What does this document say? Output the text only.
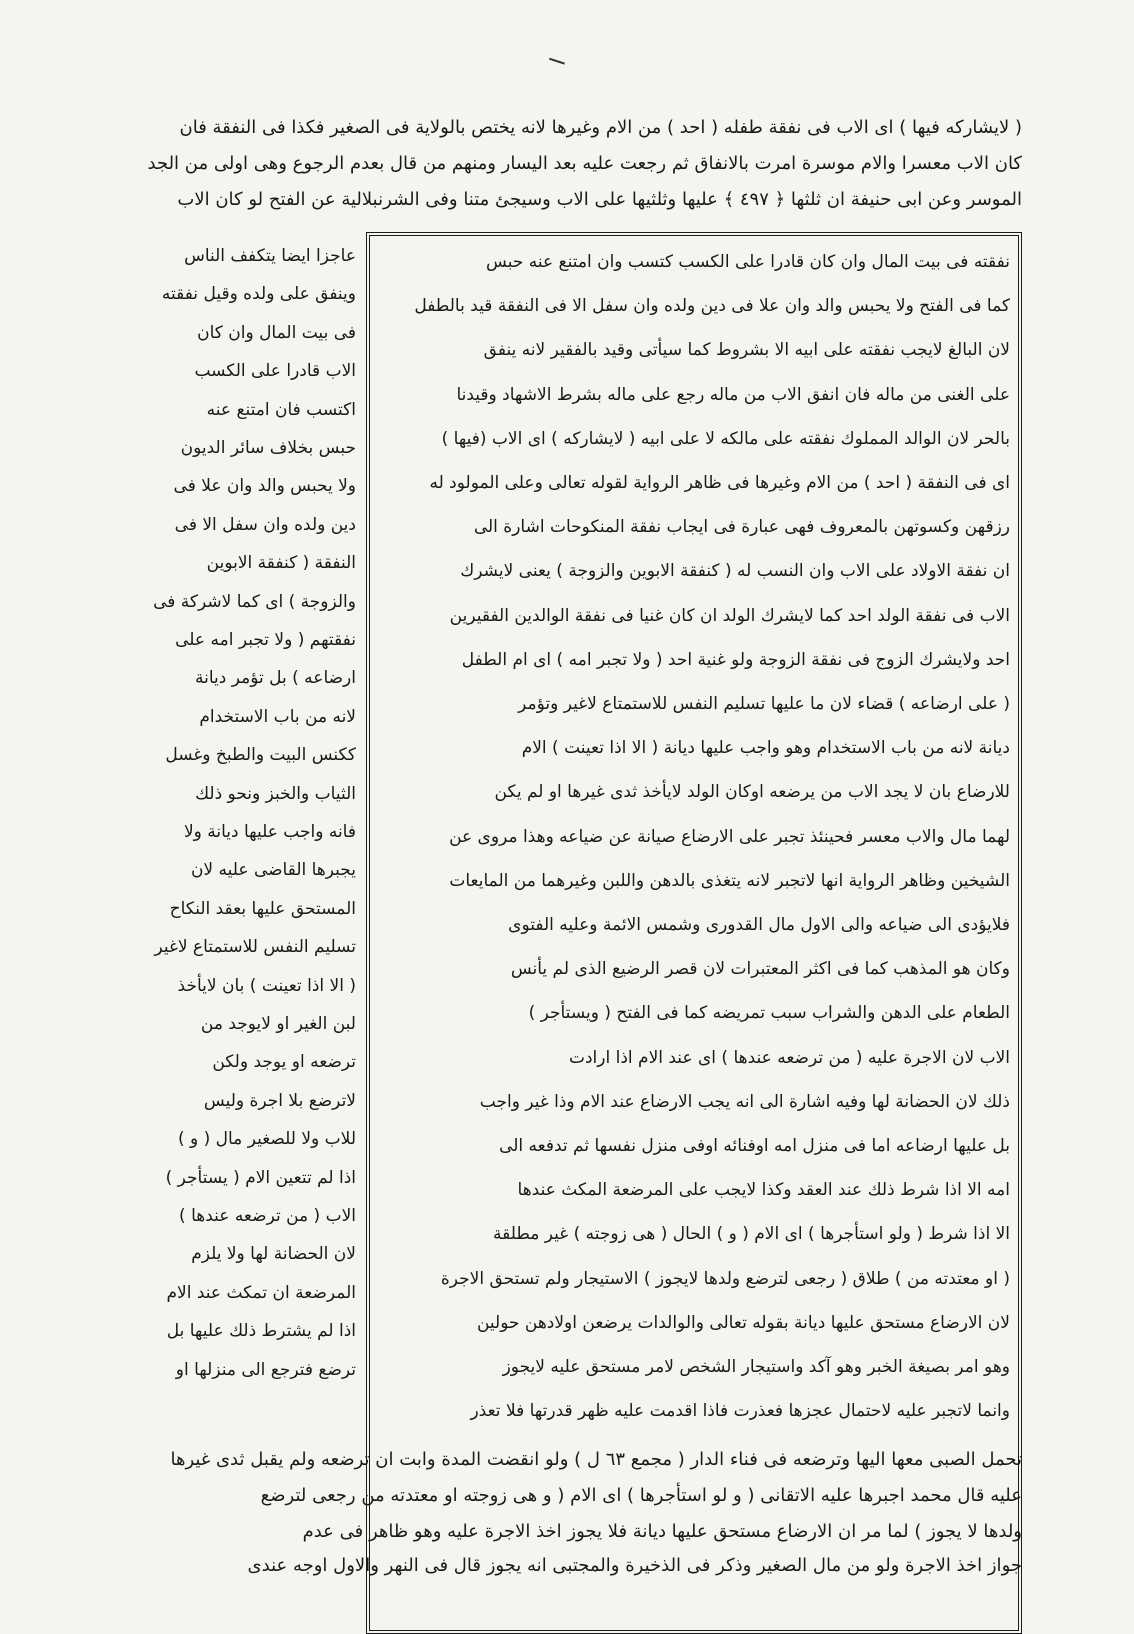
( لايشاركه فيها ) اى الاب فى نفقة طفله ( احد ) من الام وغيرها لانه يختص بالولاية فى الصغير فكذا فى النفقة فان
كان الاب معسرا والام موسرة امرت بالانفاق ثم رجعت عليه بعد اليسار ومنهم من قال بعدم الرجوع وهى اولى من الجد
الموسر وعن ابى حنيفة ان ثلثها ﴿ ٤٩٧ ﴾ عليها وثلثيها على الاب وسيجئ متنا وفى الشرنبلالية عن الفتح لو كان الاب
نفقته فى بيت المال وان كان قادرا على الكسب كتسب وان امتنع عنه حبس
كما فى الفتح ولا يحبس والد وان علا فى دين ولده وان سفل الا فى النفقة قيد بالطفل
لان البالغ لايجب نفقته على ابيه الا بشروط كما سيأتى وقيد بالفقير لانه ينفق
على الغنى من ماله فان انفق الاب من ماله رجع على ماله بشرط الاشهاد وقيدنا
بالحر لان الوالد المملوك نفقته على مالكه لا على ابيه ( لايشاركه ) اى الاب (فيها )
اى فى النفقة ( احد ) من الام وغيرها فى ظاهر الرواية لقوله تعالى وعلى المولود له
رزقهن وكسوتهن بالمعروف فهى عبارة فى ايجاب نفقة المنكوحات اشارة الى
ان نفقة الاولاد على الاب وان النسب له ( كنفقة الابوين والزوجة ) يعنى لايشرك
الاب فى نفقة الولد احد كما لايشرك الولد ان كان غنيا فى نفقة الوالدين الفقيرين
احد ولايشرك الزوج فى نفقة الزوجة ولو غنية احد ( ولا تجبر امه ) اى ام الطفل
( على ارضاعه ) قضاء لان ما عليها تسليم النفس للاستمتاع لاغير وتؤمر
ديانة لانه من باب الاستخدام وهو واجب عليها ديانة ( الا اذا تعينت ) الام
للارضاع بان لا يجد الاب من يرضعه اوكان الولد لايأخذ ثدى غيرها او لم يكن
لهما مال والاب معسر فحينئذ تجبر على الارضاع صيانة عن ضياعه وهذا مروى عن
الشيخين وظاهر الرواية انها لاتجبر لانه يتغذى بالدهن واللبن وغيرهما من المايعات
فلايؤدى الى ضياعه والى الاول مال القدورى وشمس الائمة وعليه الفتوى
وكان هو المذهب كما فى اكثر المعتبرات لان قصر الرضيع الذى لم يأنس
الطعام على الدهن والشراب سبب تمريضه كما فى الفتح ( ويستأجر )
الاب لان الاجرة عليه ( من ترضعه عندها ) اى عند الام اذا ارادت
ذلك لان الحضانة لها وفيه اشارة الى انه يجب الارضاع عند الام وذا غير واجب
بل عليها ارضاعه اما فى منزل امه اوفنائه اوفى منزل نفسها ثم تدفعه الى
امه الا اذا شرط ذلك عند العقد وكذا لايجب على المرضعة المكث عندها
الا اذا شرط ( ولو استأجرها ) اى الام ( و ) الحال ( هى زوجته ) غير مطلقة
( او معتدته من ) طلاق ( رجعى لترضع ولدها لايجوز ) الاستيجار ولم تستحق الاجرة
لان الارضاع مستحق عليها ديانة بقوله تعالى والوالدات يرضعن اولادهن حولين
وهو امر بصيغة الخبر وهو آكد واستيجار الشخص لامر مستحق عليه لايجوز
وانما لاتجبر عليه لاحتمال عجزها فعذرت فاذا اقدمت عليه ظهر قدرتها فلا تعذر
عاجزا ايضا يتكفف الناس
وينفق على ولده وقيل نفقته
فى بيت المال وان كان
الاب قادرا على الكسب
اكتسب فان امتنع عنه
حبس بخلاف سائر الديون
ولا يحبس والد وان علا فى
دين ولده وان سفل الا فى
النفقة ( كنفقة الابوين
والزوجة ) اى كما لاشركة فى
نفقتهم ( ولا تجبر امه على
ارضاعه ) بل تؤمر ديانة
لانه من باب الاستخدام
ككنس البيت والطبخ وغسل
الثياب والخبز ونحو ذلك
فانه واجب عليها ديانة ولا
يجبرها القاضى عليه لان
المستحق عليها بعقد النكاح
تسليم النفس للاستمتاع لاغير
( الا اذا تعينت ) بان لايأخذ
لبن الغير او لايوجد من
ترضعه او يوجد ولكن
لاترضع بلا اجرة وليس
للاب ولا للصغير مال ( و )
اذا لم تتعين الام ( يستأجر )
الاب ( من ترضعه عندها )
لان الحضانة لها ولا يلزم
المرضعة ان تمكث عند الام
اذا لم يشترط ذلك عليها بل
ترضع فترجع الى منزلها او
تحمل الصبى معها اليها وترضعه فى فناء الدار ( مجمع ٦٣ ل ) ولو انقضت المدة وابت ان ترضعه ولم يقبل ثدى غيرها
عليه قال محمد اجبرها عليه الاتقانى ( و لو استأجرها ) اى الام ( و هى زوجته او معتدته من رجعى لترضع
ولدها لا يجوز ) لما مر ان الارضاع مستحق عليها ديانة فلا يجوز اخذ الاجرة عليه وهو ظاهر فى عدم
جواز اخذ الاجرة ولو من مال الصغير وذكر فى الذخيرة والمجتبى انه يجوز قال فى النهر والاول اوجه عندى
